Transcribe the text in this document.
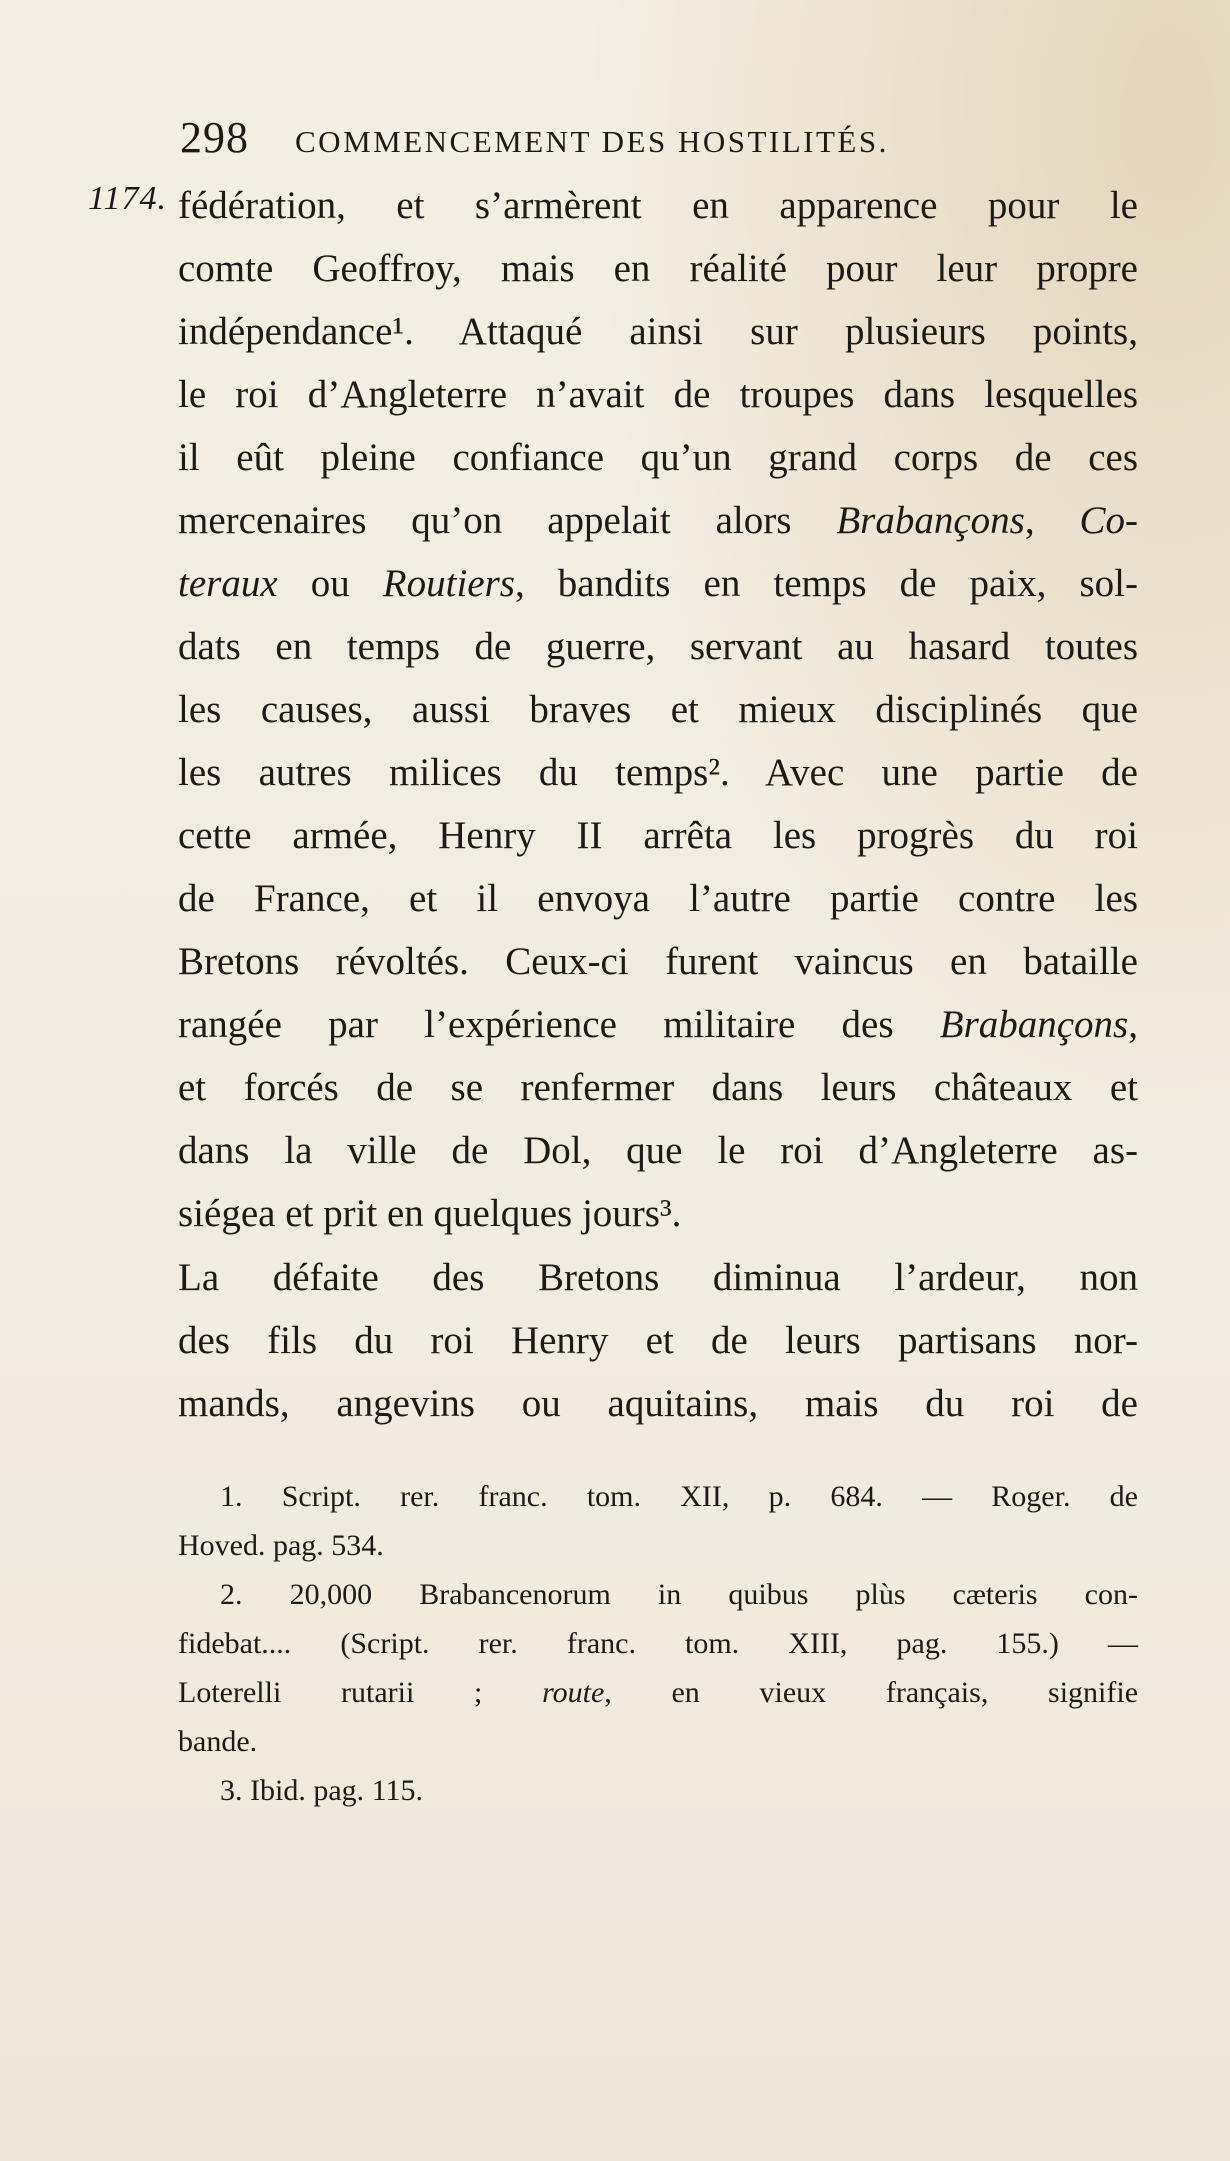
298 COMMENCEMENT DES HOSTILITÉS.
1174. fédération, et s’armèrent en apparence pour le
comte Geoffroy, mais en réalité pour leur propre
indépendance¹. Attaqué ainsi sur plusieurs points,
le roi d’Angleterre n’avait de troupes dans lesquelles
il eût pleine confiance qu’un grand corps de ces
mercenaires qu’on appelait alors Brabançons, Co-
teraux ou Routiers, bandits en temps de paix, sol-
dats en temps de guerre, servant au hasard toutes
les causes, aussi braves et mieux disciplinés que
les autres milices du temps². Avec une partie de
cette armée, Henry II arrêta les progrès du roi
de France, et il envoya l’autre partie contre les
Bretons révoltés. Ceux-ci furent vaincus en bataille
rangée par l’expérience militaire des Brabançons,
et forcés de se renfermer dans leurs châteaux et
dans la ville de Dol, que le roi d’Angleterre as-
siégea et prit en quelques jours³.
La défaite des Bretons diminua l’ardeur, non
des fils du roi Henry et de leurs partisans nor-
mands, angevins ou aquitains, mais du roi de
1. Script. rer. franc. tom. XII, p. 684. — Roger. de
Hoved. pag. 534.
2. 20,000 Brabancenorum in quibus plùs cæteris con-
fidebat.... (Script. rer. franc. tom. XIII, pag. 155.) —
Loterelli rutarii ; route, en vieux français, signifie
bande.
3. Ibid. pag. 115.
